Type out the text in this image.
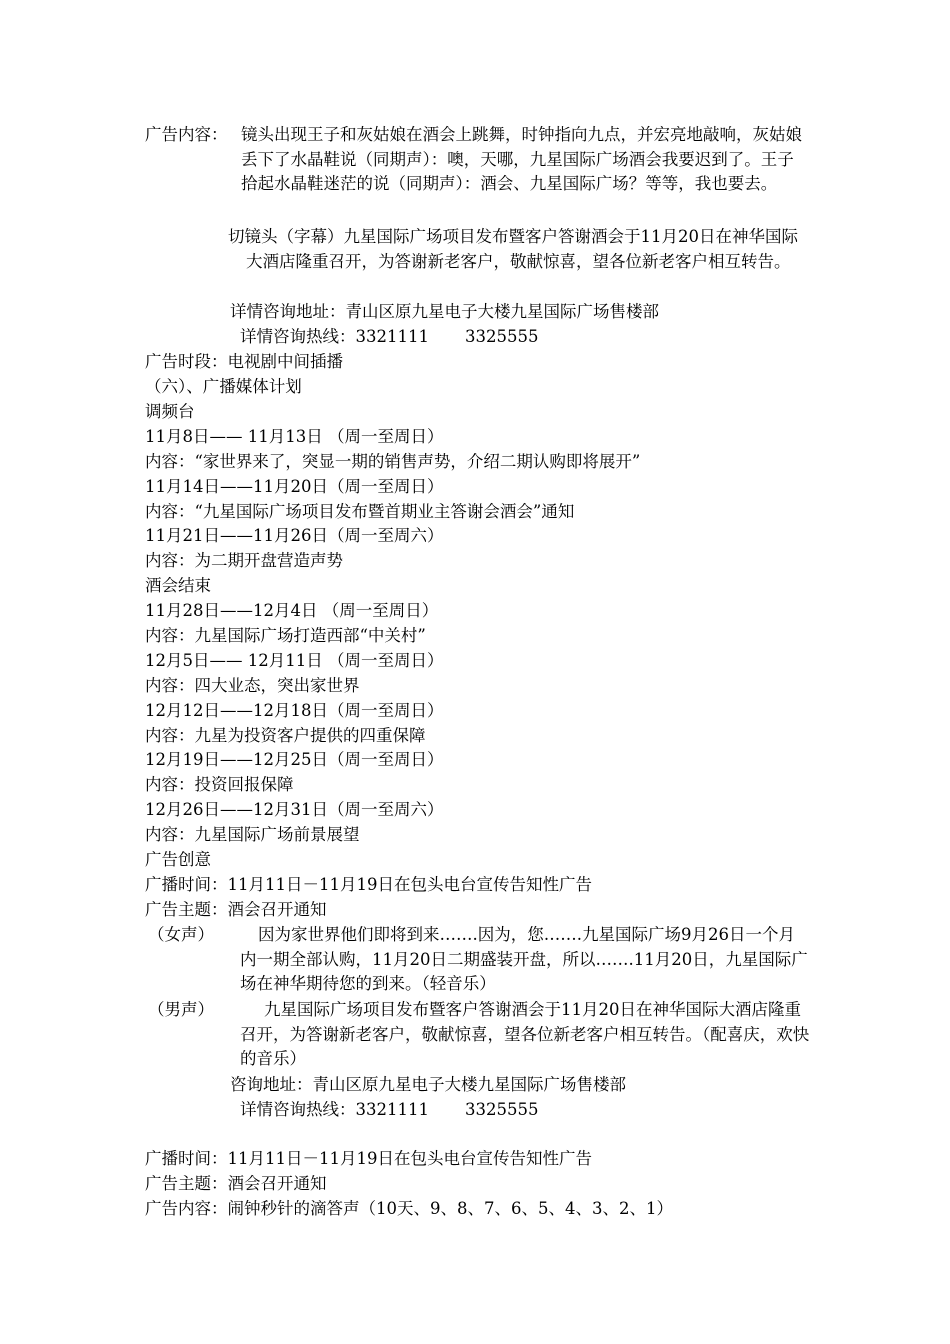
广告内容： 镜头出现王子和灰姑娘在酒会上跳舞，时钟指向九点，并宏亮地敲响，灰姑娘丢下了水晶鞋说（同期声）：噢，天哪，九星国际广场酒会我要迟到了。王子拾起水晶鞋迷茫的说（同期声）：酒会、九星国际广场？等等，我也要去。
切镜头（字幕）九星国际广场项目发布暨客户答谢酒会于11月20日在神华国际大酒店隆重召开，为答谢新老客户，敬献惊喜，望各位新老客户相互转告。
详情咨询地址：青山区原九星电子大楼九星国际广场售楼部
详情咨询热线：3321111 3325555
广告时段：电视剧中间插播
（六）、广播媒体计划
调频台
11月8日—— 11月13日 （周一至周日）
内容：“家世界来了，突显一期的销售声势，介绍二期认购即将展开”
11月14日——11月20日（周一至周日）
内容：“九星国际广场项目发布暨首期业主答谢会酒会”通知
11月21日——11月26日（周一至周六）
内容：为二期开盘营造声势
酒会结束
11月28日——12月4日 （周一至周日）
内容：九星国际广场打造西部“中关村”
12月5日—— 12月11日 （周一至周日）
内容：四大业态，突出家世界
12月12日——12月18日（周一至周日）
内容：九星为投资客户提供的四重保障
12月19日——12月25日（周一至周日）
内容：投资回报保障
12月26日——12月31日（周一至周六）
内容：九星国际广场前景展望
广告创意
广播时间：11月11日－11月19日在包头电台宣传告知性广告
广告主题：酒会召开通知
（女声）	因为家世界他们即将到来…….因为，您…….九星国际广场9月26日一个月内一期全部认购，11月20日二期盛装开盘，所以…….11月20日，九星国际广场在神华期待您的到来。（轻音乐）
（男声）	九星国际广场项目发布暨客户答谢酒会于11月20日在神华国际大酒店隆重召开，为答谢新老客户，敬献惊喜，望各位新老客户相互转告。（配喜庆，欢快的音乐）
咨询地址：青山区原九星电子大楼九星国际广场售楼部
详情咨询热线：3321111 3325555
广播时间：11月11日－11月19日在包头电台宣传告知性广告
广告主题：酒会召开通知
广告内容：闹钟秒针的滴答声（10天、9、8、7、6、5、4、3、2、1）
